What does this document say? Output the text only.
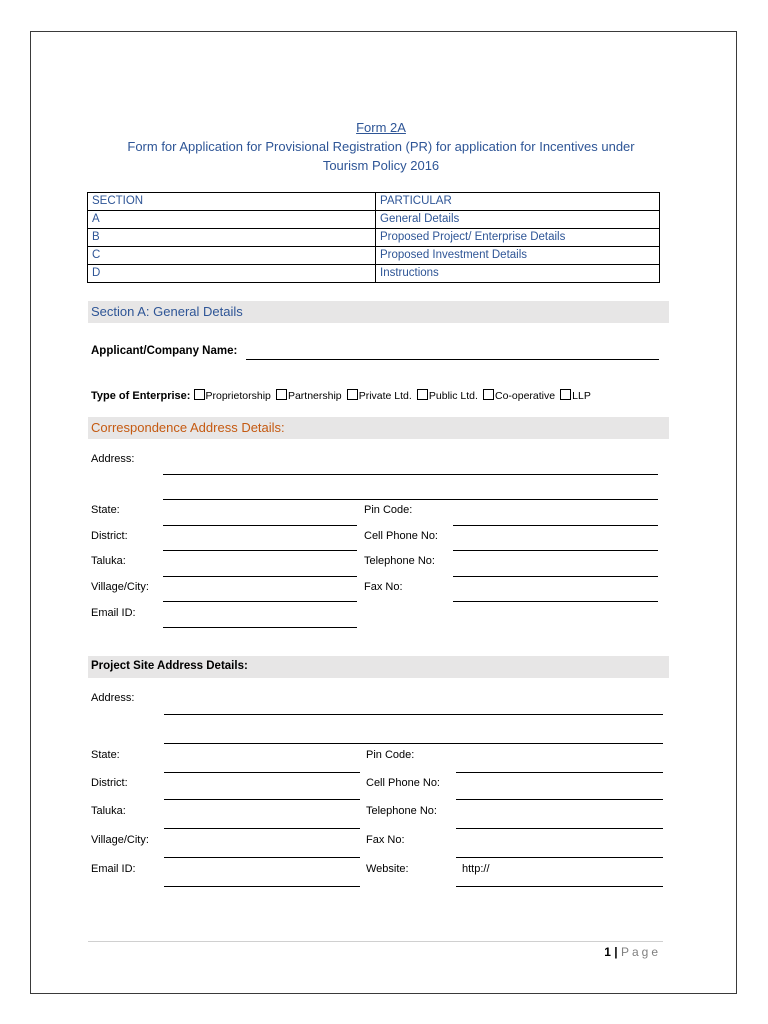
Form 2A
Form for Application for Provisional Registration (PR) for application for Incentives under
Tourism Policy 2016
SECTION	PARTICULAR
A	General Details
B	Proposed Project/ Enterprise Details
C	Proposed Investment Details
D	Instructions
Section A: General Details
Applicant/Company Name:
Type of Enterprise: Proprietorship Partnership Private Ltd. Public Ltd. Co-operative LLP
Correspondence Address Details:
Address:
State:	Pin Code:
District:	Cell Phone No:
Taluka:	Telephone No:
Village/City:	Fax No:
Email ID:
Project Site Address Details:
Address:
State:	Pin Code:
District:	Cell Phone No:
Taluka:	Telephone No:
Village/City:	Fax No:
Email ID:	Website:	http://
1 | Page
